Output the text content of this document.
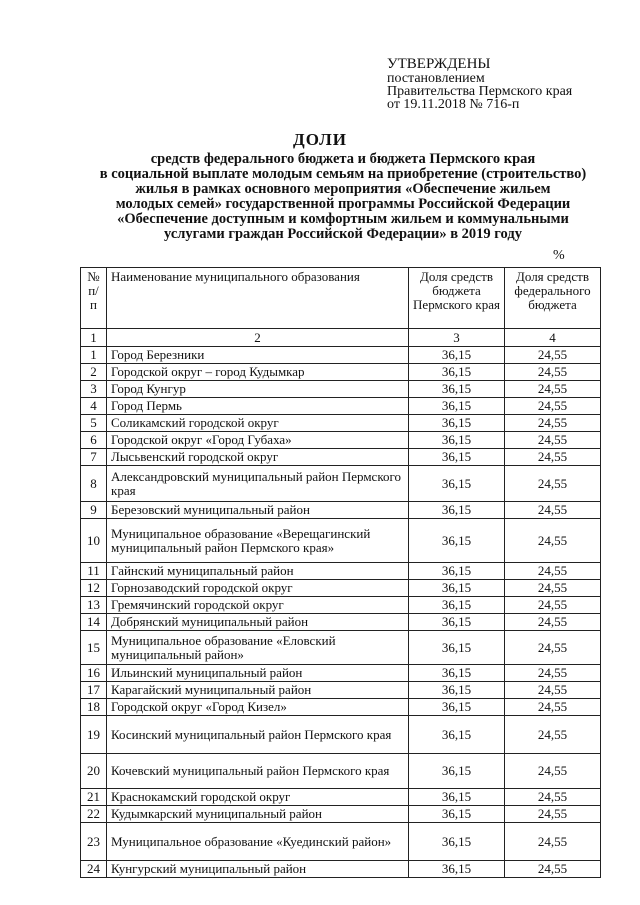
УТВЕРЖДЕНЫ
постановлением
Правительства Пермского края
от 19.11.2018 № 716-п
ДОЛИ
средств федерального бюджета и бюджета Пермского края
в социальной выплате молодым семьям на приобретение (строительство)
жилья в рамках основного мероприятия «Обеспечение жильем
молодых семей» государственной программы Российской Федерации
«Обеспечение доступным и комфортным жильем и коммунальными
услугами граждан Российской Федерации» в 2019 году
%
№ п/п	Наименование муниципального образования	Доля средств бюджета Пермского края	Доля средств федерального бюджета
1	2	3	4
1	Город Березники	36,15	24,55
2	Городской округ – город Кудымкар	36,15	24,55
3	Город Кунгур	36,15	24,55
4	Город Пермь	36,15	24,55
5	Соликамский городской округ	36,15	24,55
6	Городской округ «Город Губаха»	36,15	24,55
7	Лысьвенский городской округ	36,15	24,55
8	Александровский муниципальный район Пермского края	36,15	24,55
9	Березовский муниципальный район	36,15	24,55
10	Муниципальное образование «Верещагинский муниципальный район Пермского края»	36,15	24,55
11	Гайнский муниципальный район	36,15	24,55
12	Горнозаводский городской округ	36,15	24,55
13	Гремячинский городской округ	36,15	24,55
14	Добрянский муниципальный район	36,15	24,55
15	Муниципальное образование «Еловский муниципальный район»	36,15	24,55
16	Ильинский муниципальный район	36,15	24,55
17	Карагайский муниципальный район	36,15	24,55
18	Городской округ «Город Кизел»	36,15	24,55
19	Косинский муниципальный район Пермского края	36,15	24,55
20	Кочевский муниципальный район Пермского края	36,15	24,55
21	Краснокамский городской округ	36,15	24,55
22	Кудымкарский муниципальный район	36,15	24,55
23	Муниципальное образование «Куединский район»	36,15	24,55
24	Кунгурский муниципальный район	36,15	24,55
